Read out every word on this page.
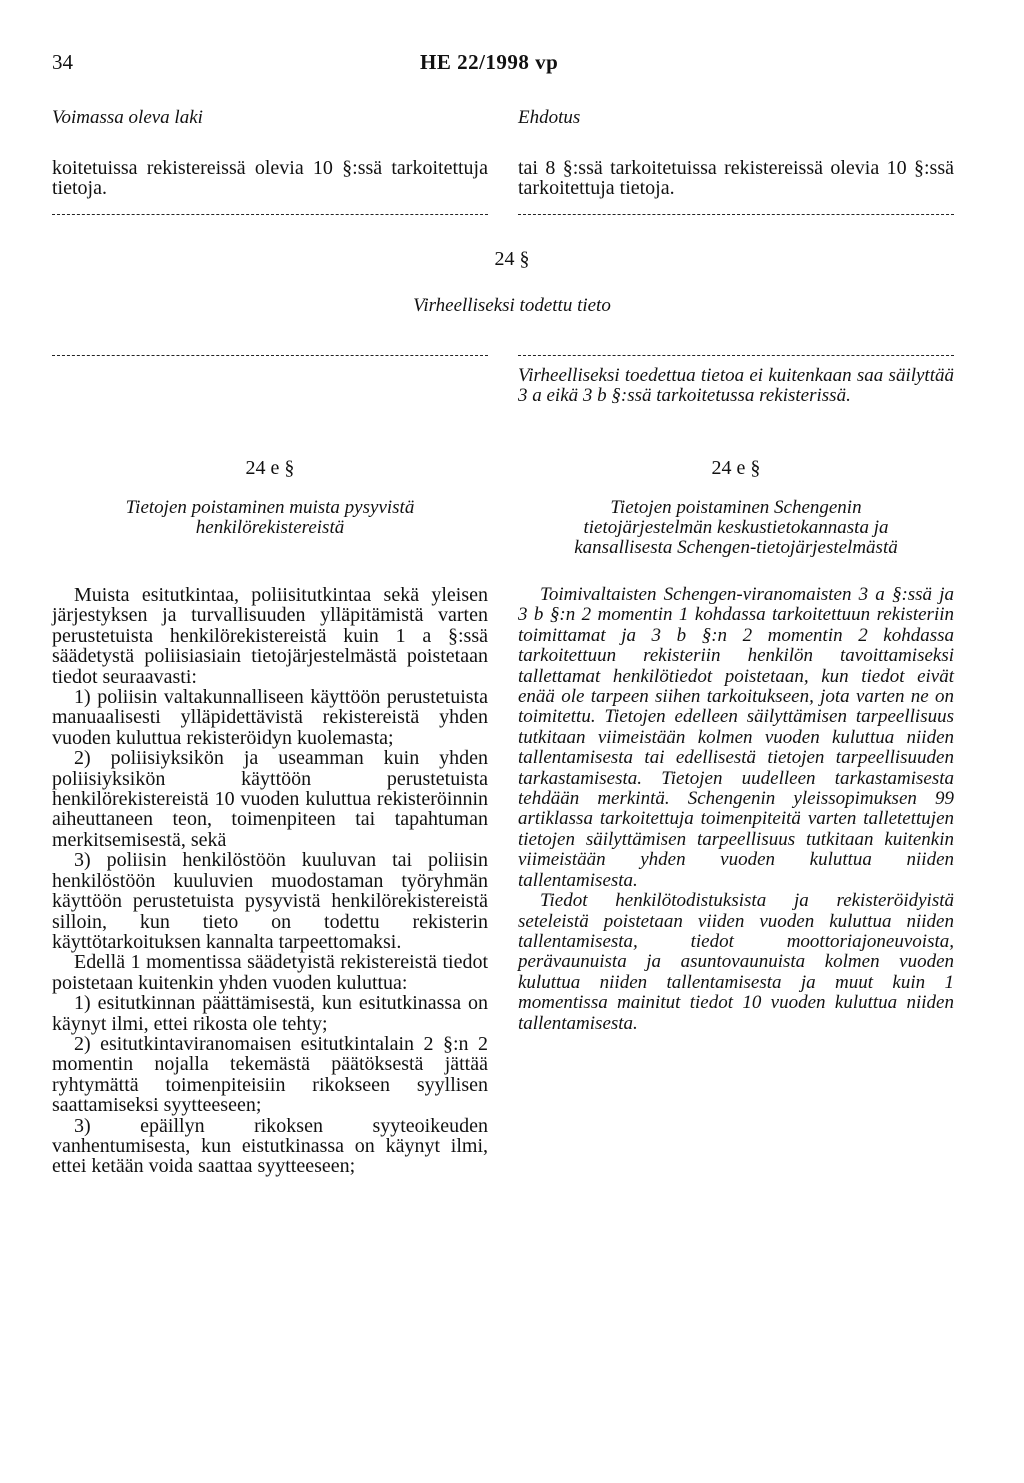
34	HE 22/1998 vp
Voimassa oleva laki	Ehdotus
koitetuissa rekistereissä olevia 10 §:ssä tarkoitettuja tietoja.
tai 8 §:ssä tarkoitetuissa rekistereissä olevia 10 §:ssä tarkoitettuja tietoja.
24 §
Virheelliseksi todettu tieto
Virheelliseksi toedettua tietoa ei kuitenkaan saa säilyttää 3 a eikä 3 b §:ssä tarkoitetussa rekisterissä.
24 e §
Tietojen poistaminen muista pysyvistä
henkilörekistereistä

Muista esitutkintaa, poliisitutkintaa sekä yleisen järjestyksen ja turvallisuuden ylläpitämistä varten perustetuista henkilörekistereistä kuin 1 a §:ssä säädetystä poliisiasiain tietojärjestelmästä poistetaan tiedot seuraavasti:

1) poliisin valtakunnalliseen käyttöön perustetuista manuaalisesti ylläpidettävistä rekistereistä yhden vuoden kuluttua rekisteröidyn kuolemasta;

2) poliisiyksikön ja useamman kuin yhden poliisiyksikön käyttöön perustetuista henkilörekistereistä 10 vuoden kuluttua rekisteröinnin aiheuttaneen teon, toimenpiteen tai tapahtuman merkitsemisestä, sekä

3) poliisin henkilöstöön kuuluvan tai poliisin henkilöstöön kuuluvien muodostaman työryhmän käyttöön perustetuista pysyvistä henkilörekistereistä silloin, kun tieto on todettu rekisterin käyttötarkoituksen kannalta tarpeettomaksi.

Edellä 1 momentissa säädetyistä rekistereistä tiedot poistetaan kuitenkin yhden vuoden kuluttua:

1) esitutkinnan päättämisestä, kun esitutkinassa on käynyt ilmi, ettei rikosta ole tehty;

2) esitutkintaviranomaisen esitutkintalain 2 §:n 2 momentin nojalla tekemästä päätöksestä jättää ryhtymättä toimenpiteisiin rikokseen syyllisen saattamiseksi syytteeseen;

3) epäillyn rikoksen syyteoikeuden vanhentumisesta, kun eistutkinassa on käynyt ilmi, ettei ketään voida saattaa syytteeseen;

24 e §
Tietojen poistaminen Schengenin
tietojärjestelmän keskustietokannasta ja
kansallisesta Schengen-tietojärjestelmästä

Toimivaltaisten Schengen-viranomaisten 3 a §:ssä ja 3 b §:n 2 momentin 1 kohdassa tarkoitettuun rekisteriin toimittamat ja 3 b §:n 2 momentin 2 kohdassa tarkoitettuun rekisteriin henkilön tavoittamiseksi tallettamat henkilötiedot poistetaan, kun tiedot eivät enää ole tarpeen siihen tarkoitukseen, jota varten ne on toimitettu. Tietojen edelleen säilyttämisen tarpeellisuus tutkitaan viimeistään kolmen vuoden kuluttua niiden tallentamisesta tai edellisestä tietojen tarpeellisuuden tarkastamisesta. Tietojen uudelleen tarkastamisesta tehdään merkintä. Schengenin yleissopimuksen 99 artiklassa tarkoitettuja toimenpiteitä varten talletettujen tietojen säilyttämisen tarpeellisuus tutkitaan kuitenkin viimeistään yhden vuoden kuluttua niiden tallentamisesta.

Tiedot henkilötodistuksista ja rekisteröidyistä seteleistä poistetaan viiden vuoden kuluttua niiden tallentamisesta, tiedot moottoriajoneuvoista, perävaunuista ja asuntovaunuista kolmen vuoden kuluttua niiden tallentamisesta ja muut kuin 1 momentissa mainitut tiedot 10 vuoden kuluttua niiden tallentamisesta.
